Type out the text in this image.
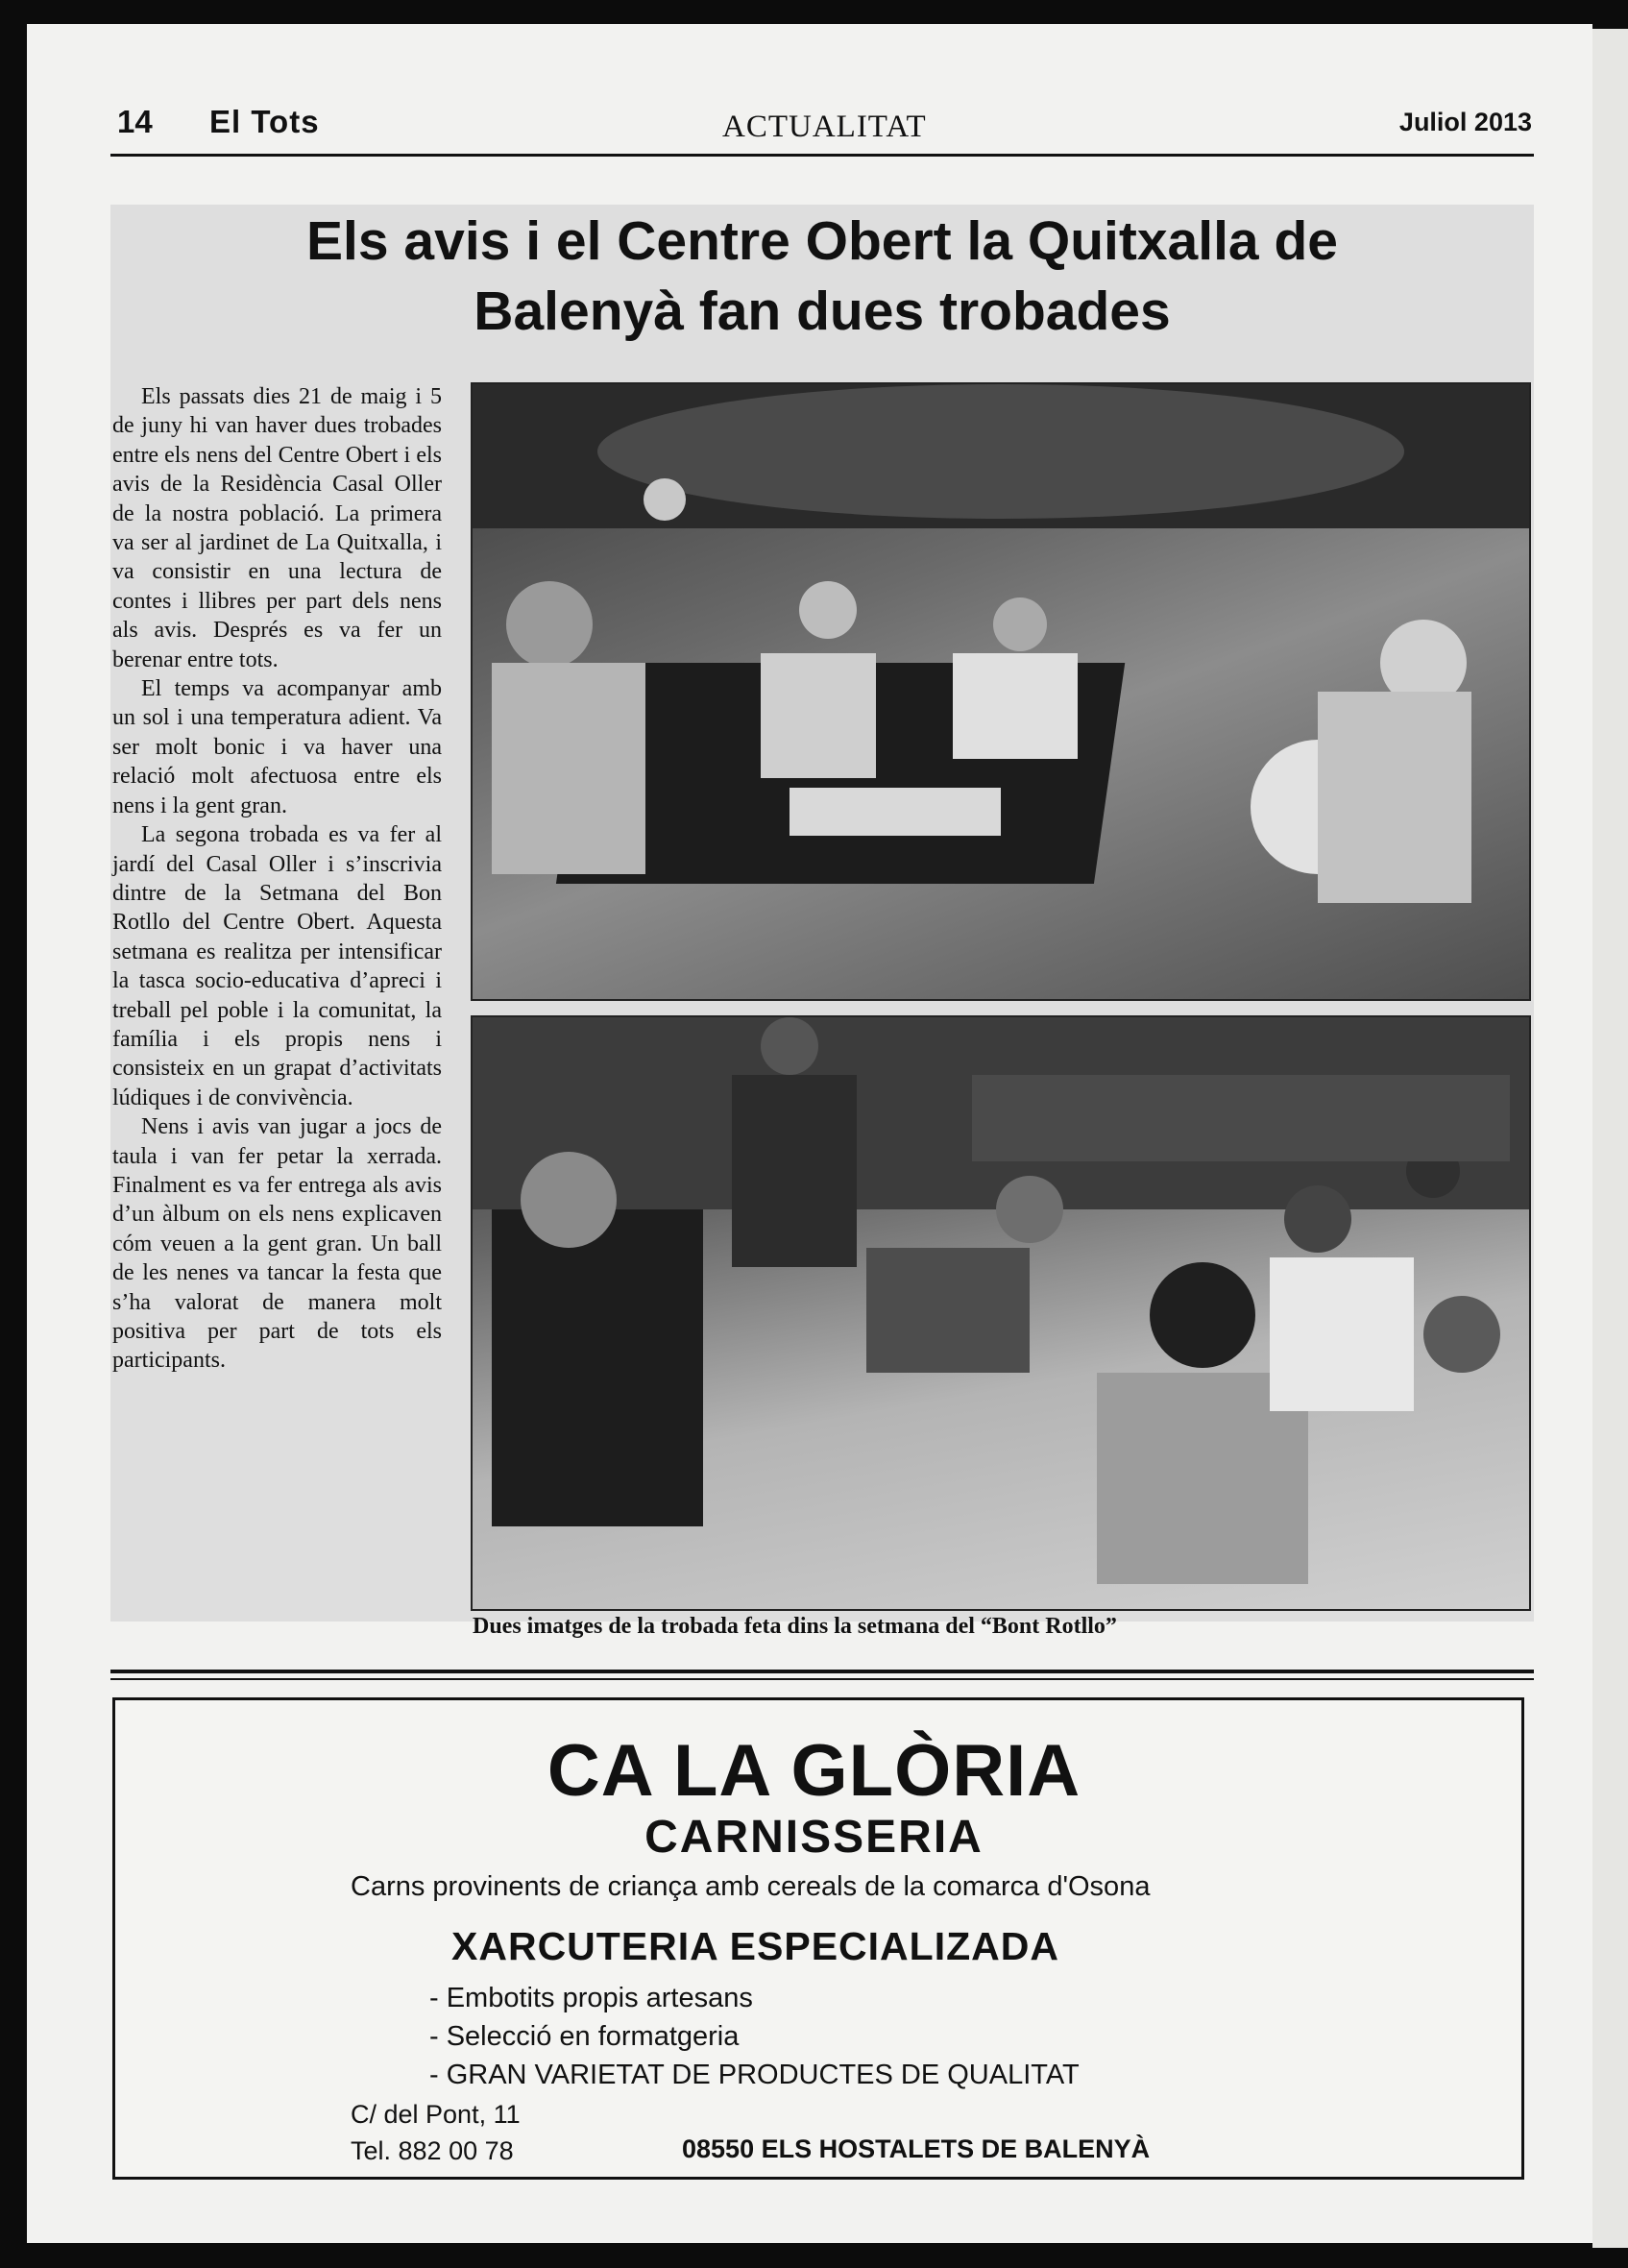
14 El Tots	ACTUALITAT	Juliol 2013
Els avis i el Centre Obert la Quitxalla de
Balenyà fan dues trobades

Els passats dies 21 de maig i 5 de juny hi van haver dues trobades entre els nens del Centre Obert i els avis de la Residència Casal Oller de la nostra població. La primera va ser al jardinet de La Quitxalla, i va consistir en una lectura de contes i llibres per part dels nens als avis. Després es va fer un berenar entre tots.

El temps va acompanyar amb un sol i una temperatura adient. Va ser molt bonic i va haver una relació molt afectuosa entre els nens i la gent gran.

La segona trobada es va fer al jardí del Casal Oller i s’inscrivia dintre de la Setmana del Bon Rotllo del Centre Obert. Aquesta setmana es realitza per intensificar la tasca socio-educativa d’apreci i treball pel poble i la comunitat, la família i els propis nens i consisteix en un grapat d’activitats lúdiques i de convivència.

Nens i avis van jugar a jocs de taula i van fer petar la xerrada. Finalment es va fer entrega als avis d’un àlbum on els nens explicaven cóm veuen a la gent gran. Un ball de les nenes va tancar la festa que s’ha valorat de manera molt positiva per part de tots els participants.

Dues imatges de la trobada feta dins la setmana del “Bont Rotllo”
CA LA GLÒRIA
CARNISSERIA
Carns provinents de criança amb cereals de la comarca d'Osona
XARCUTERIA ESPECIALIZADA
- Embotits propis artesans
- Selecció en formatgeria
- GRAN VARIETAT DE PRODUCTES DE QUALITAT
C/ del Pont, 11
Tel. 882 00 78	08550 ELS HOSTALETS DE BALENYÀ
